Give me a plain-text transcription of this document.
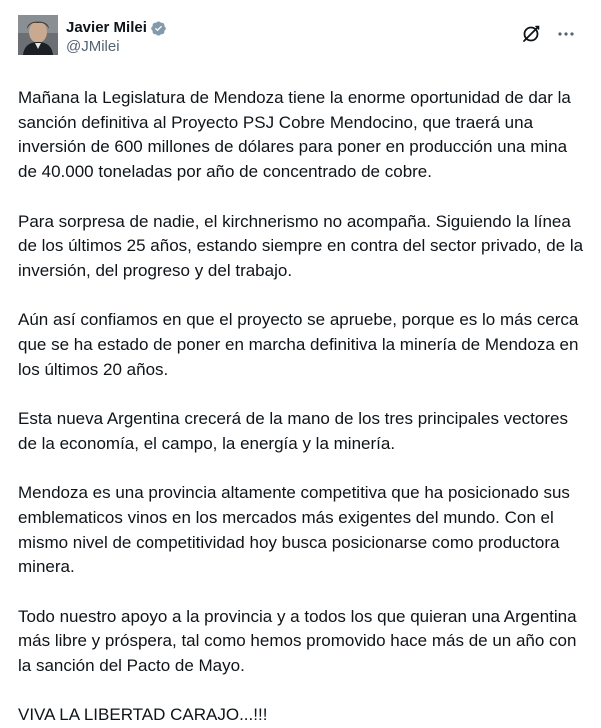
Javier Milei
@JMilei

Mañana la Legislatura de Mendoza tiene la enorme oportunidad de dar la sanción definitiva al Proyecto PSJ Cobre Mendocino, que traerá una inversión de 600 millones de dólares para poner en producción una mina de 40.000 toneladas por año de concentrado de cobre.

Para sorpresa de nadie, el kirchnerismo no acompaña. Siguiendo la línea de los últimos 25 años, estando siempre en contra del sector privado, de la inversión, del progreso y del trabajo.

Aún así confiamos en que el proyecto se apruebe, porque es lo más cerca que se ha estado de poner en marcha definitiva la minería de Mendoza en los últimos 20 años.

Esta nueva Argentina crecerá de la mano de los tres principales vectores de la economía, el campo, la energía y la minería.

Mendoza es una provincia altamente competitiva que ha posicionado sus emblematicos vinos en los mercados más exigentes del mundo. Con el mismo nivel de competitividad hoy busca posicionarse como productora minera.

Todo nuestro apoyo a la provincia y a todos los que quieran una Argentina más libre y próspera, tal como hemos promovido hace más de un año con la sanción del Pacto de Mayo.

VIVA LA LIBERTAD CARAJO...!!!
